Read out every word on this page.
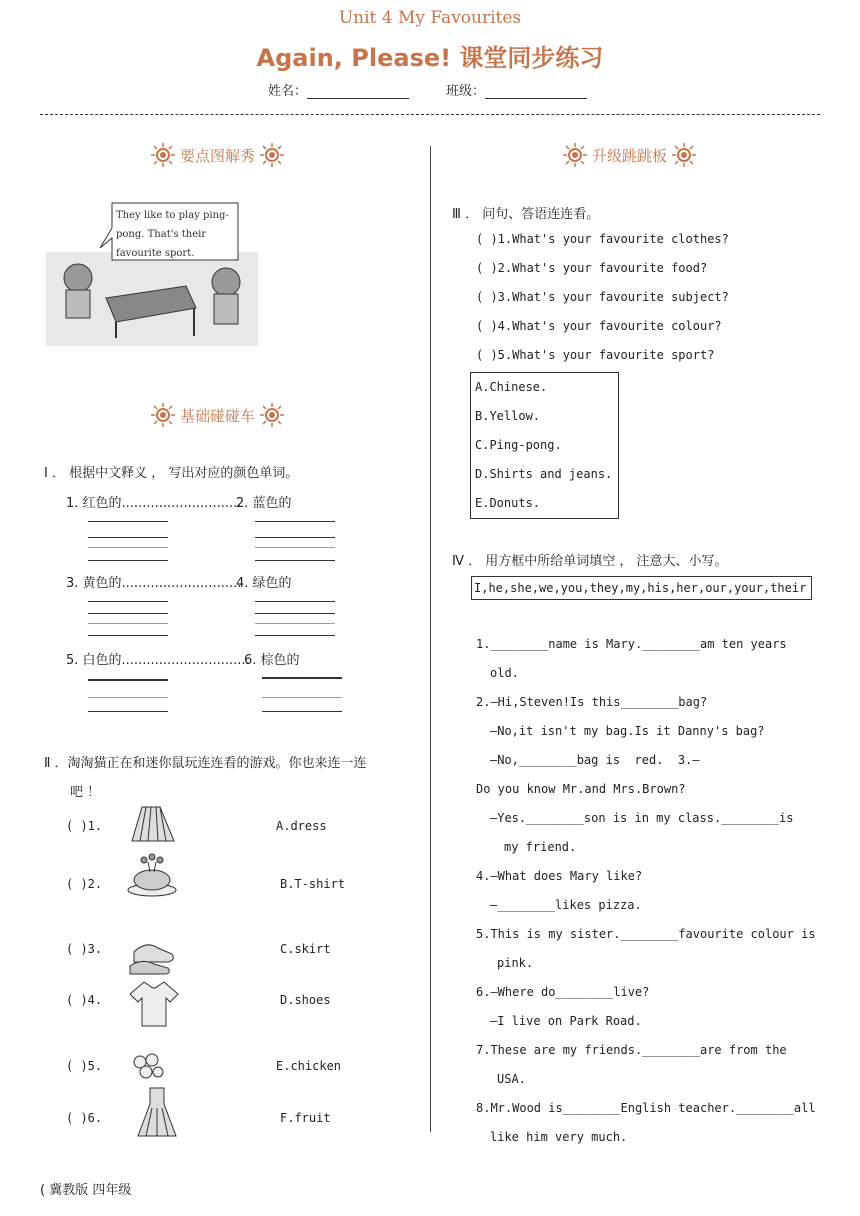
Unit 4 My Favourites
Again, Please! 课堂同步练习
姓名：	班级：
要点图解秀
They like to play ping-pong. That's their favourite sport.
基础碰碰车
Ⅰ ． 根据中文释义 ， 写出对应的颜色单词。
1. 红色的.............................
2. 蓝色的
3. 黄色的.............................
4. 绿色的
5. 白色的...............................
6. 棕色的
Ⅱ ．淘淘猫正在和迷你鼠玩连连看的游戏。你也来连一连
吧 ！
( )1.	A.dress
( )2.	B.T-shirt
( )3.	C.skirt
( )4.	D.shoes
( )5.	E.chicken
( )6.	F.fruit
( 冀教版 四年级
升级跳跳板
Ⅲ ． 问句、答语连连看。
( )1.What's your favourite clothes?
( )2.What's your favourite food?
( )3.What's your favourite subject?
( )4.What's your favourite colour?
( )5.What's your favourite sport?
A.Chinese.
B.Yellow.
C.Ping-pong.
D.Shirts and jeans.
E.Donuts.
Ⅳ ． 用方框中所给单词填空 ， 注意大、小写。
I,he,she,we,you,they,my,his,her,our,your,their
1.________name is Mary.________am ten years
old.
2.—Hi,Steven!Is this________bag?
—No,it isn't my bag.Is it Danny's bag?
—No,________bag is  red.  3.—
Do you know Mr.and Mrs.Brown?
—Yes.________son is in my class.________is
my friend.
4.—What does Mary like?
—________likes pizza.
5.This is my sister.________favourite colour is
pink.
6.—Where do________live?
—I live on Park Road.
7.These are my friends.________are from the
USA.
8.Mr.Wood is________English teacher.________all
like him very much.
